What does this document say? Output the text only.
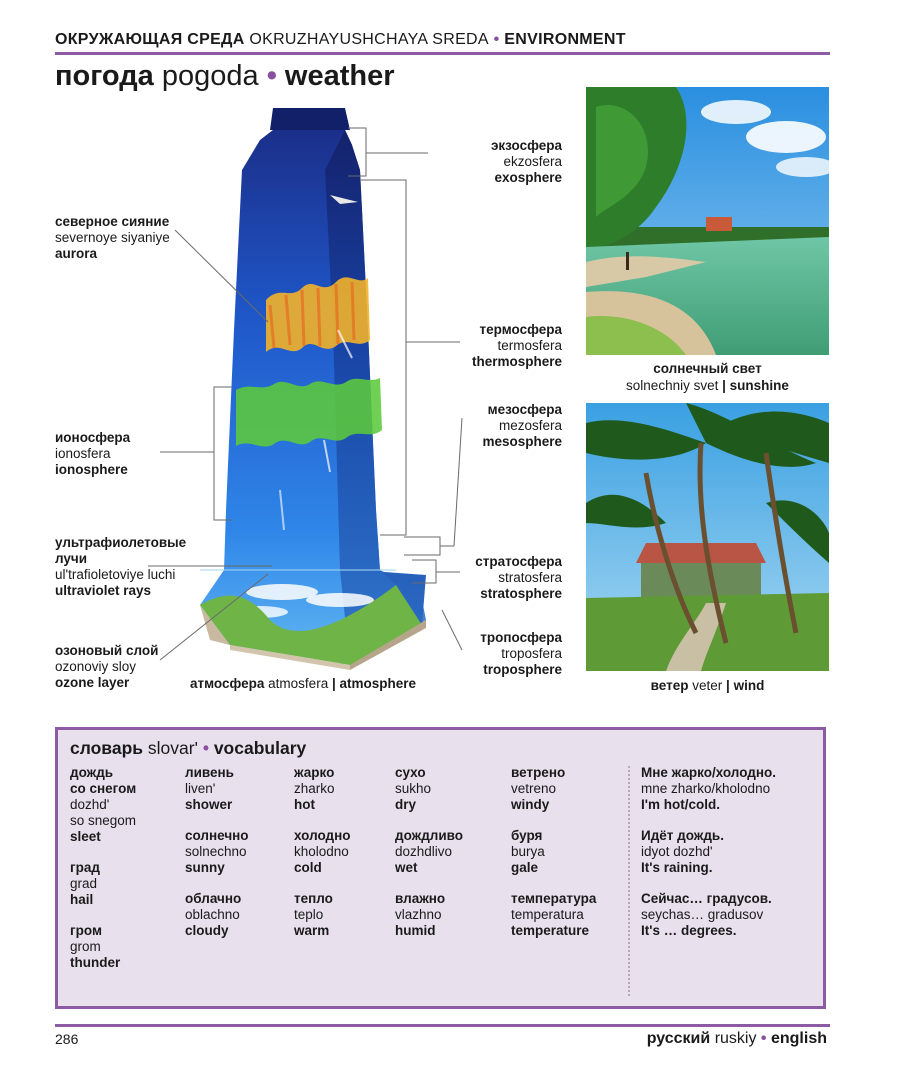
ОКРУЖАЮЩАЯ СРЕДА OKRUZHAYUSHCHAYA SREDA • ENVIRONMENT
погода pogoda • weather
северное сияние
severnoye siyaniye
aurora
ионосфера
ionosfera
ionosphere
ультрафиолетовые
лучи
ul'trafioletoviye luchi
ultraviolet rays
озоновый слой
ozonoviy sloy
ozone layer	атмосфера atmosfera | atmosphere
экзосфера
ekzosfera
exosphere
термосфера
termosfera
thermosphere
мезосфера
mezosfera
mesosphere
стратосфера
stratosfera
stratosphere
тропосфера
troposfera
troposphere
солнечный свет
solnechniy svet | sunshine
ветер veter | wind
словарь slovar' • vocabulary
дождь
со снегом
dozhd'
so snegom
sleet
град
grad
hail
гром
grom
thunder
ливень
liven'
shower
солнечно
solnechno
sunny
облачно
oblachno
cloudy
жарко
zharko
hot
холодно
kholodno
cold
тепло
teplo
warm
сухо
sukho
dry
дождливо
dozhdlivo
wet
влажно
vlazhno
humid
ветрено
vetreno
windy
буря
burya
gale
температура
temperatura
temperature
Мне жарко/холодно.
mne zharko/kholodno
I'm hot/cold.
Идёт дождь.
idyot dozhd'
It's raining.
Сейчас… градусов.
seychas… gradusov
It's … degrees.
286	русский ruskiy • english
